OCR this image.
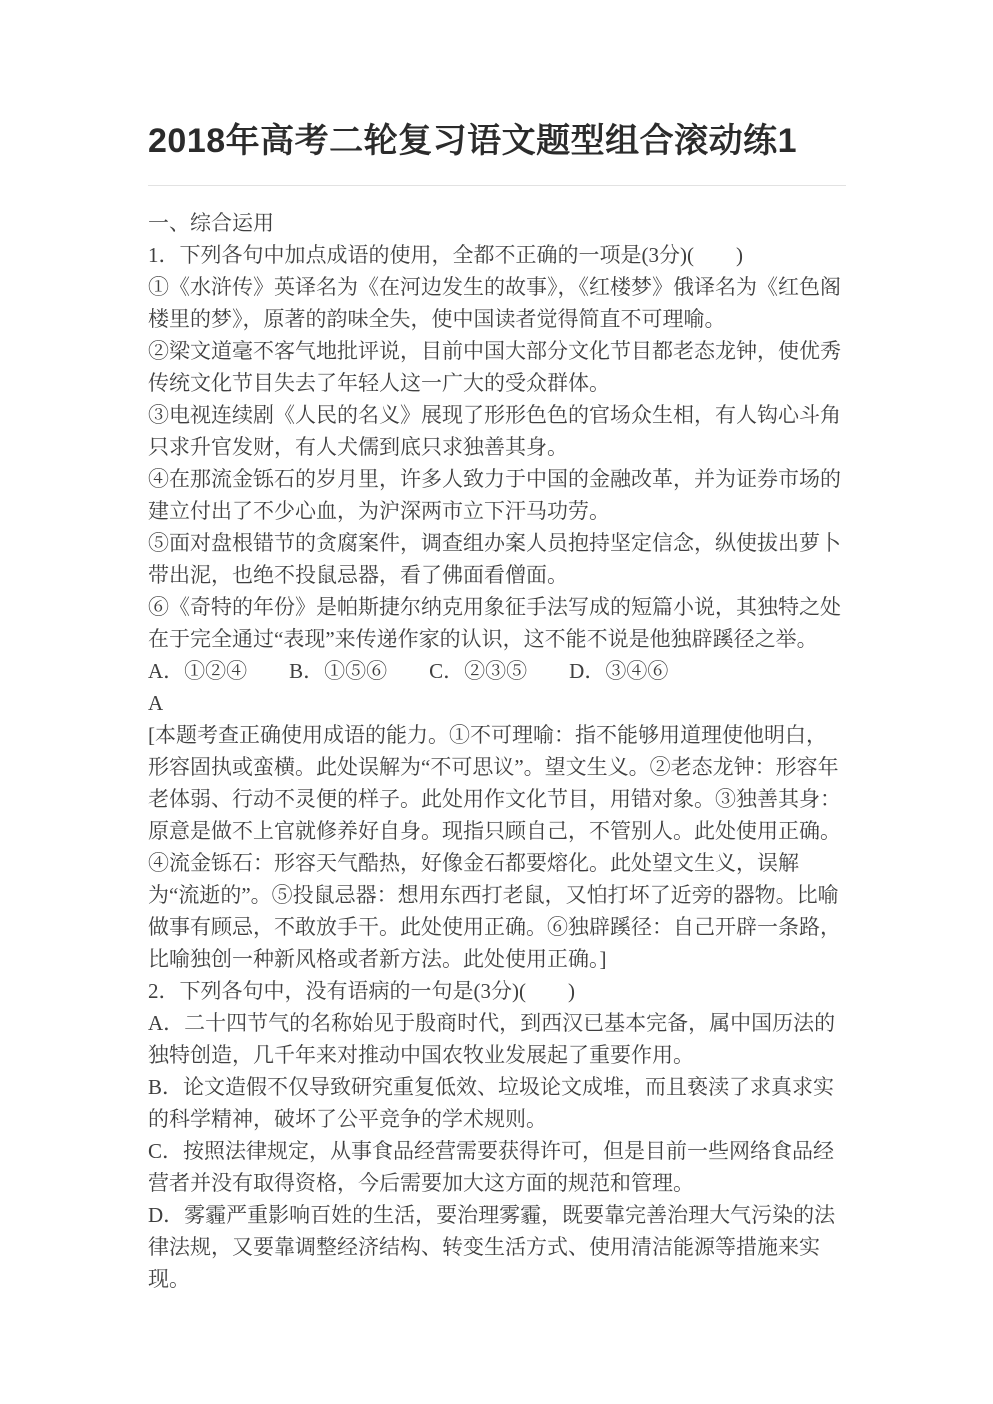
2018年高考二轮复习语文题型组合滚动练1

一、综合运用

1．下列各句中加点成语的使用，全都不正确的一项是(3分)(　　)

①《水浒传》英译名为《在河边发生的故事》，《红楼梦》俄译名为《红色阁楼里的梦》，原著的韵味全失，使中国读者觉得简直不可理喻。

②梁文道毫不客气地批评说，目前中国大部分文化节目都老态龙钟，使优秀传统文化节目失去了年轻人这一广大的受众群体。

③电视连续剧《人民的名义》展现了形形色色的官场众生相，有人钩心斗角只求升官发财，有人犬儒到底只求独善其身。

④在那流金铄石的岁月里，许多人致力于中国的金融改革，并为证券市场的建立付出了不少心血，为沪深两市立下汗马功劳。

⑤面对盘根错节的贪腐案件，调查组办案人员抱持坚定信念，纵使拔出萝卜带出泥，也绝不投鼠忌器，看了佛面看僧面。

⑥《奇特的年份》是帕斯捷尔纳克用象征手法写成的短篇小说，其独特之处在于完全通过“表现”来传递作家的认识，这不能不说是他独辟蹊径之举。

A．①②④　　B．①⑤⑥　　C．②③⑤　　D．③④⑥

A

[本题考查正确使用成语的能力。①不可理喻：指不能够用道理使他明白，形容固执或蛮横。此处误解为“不可思议”。望文生义。②老态龙钟：形容年老体弱、行动不灵便的样子。此处用作文化节目，用错对象。③独善其身：原意是做不上官就修养好自身。现指只顾自己，不管别人。此处使用正确。④流金铄石：形容天气酷热，好像金石都要熔化。此处望文生义，误解为“流逝的”。⑤投鼠忌器：想用东西打老鼠，又怕打坏了近旁的器物。比喻做事有顾忌，不敢放手干。此处使用正确。⑥独辟蹊径：自己开辟一条路，比喻独创一种新风格或者新方法。此处使用正确。]

2．下列各句中，没有语病的一句是(3分)(　　)

A．二十四节气的名称始见于殷商时代，到西汉已基本完备，属中国历法的独特创造，几千年来对推动中国农牧业发展起了重要作用。

B．论文造假不仅导致研究重复低效、垃圾论文成堆，而且亵渎了求真求实的科学精神，破坏了公平竞争的学术规则。

C．按照法律规定，从事食品经营需要获得许可，但是目前一些网络食品经营者并没有取得资格，今后需要加大这方面的规范和管理。

D．雾霾严重影响百姓的生活，要治理雾霾，既要靠完善治理大气污染的法律法规，又要靠调整经济结构、转变生活方式、使用清洁能源等措施来实现。
